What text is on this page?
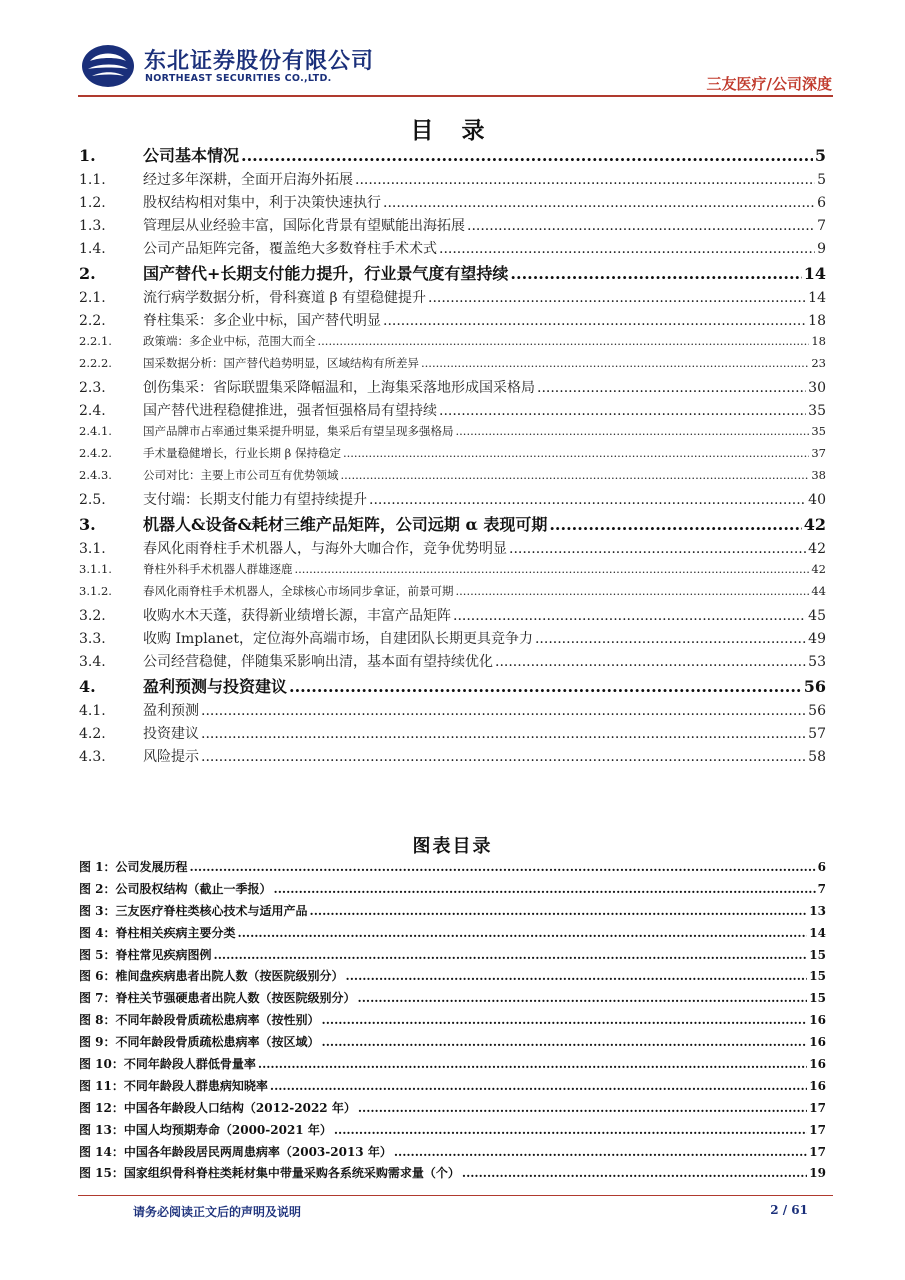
东北证券股份有限公司
NORTHEAST SECURITIES CO.,LTD.	三友医疗/公司深度
目 录
1.	公司基本情况 .....	5
1.1.	经过多年深耕，全面开启海外拓展 .....	5
1.2.	股权结构相对集中，利于决策快速执行 .....	6
1.3.	管理层从业经验丰富，国际化背景有望赋能出海拓展 .....	7
1.4.	公司产品矩阵完备，覆盖绝大多数脊柱手术术式 .....	9
2.	国产替代+长期支付能力提升，行业景气度有望持续 .....	14
2.1.	流行病学数据分析，骨科赛道 β 有望稳健提升 .....	14
2.2.	脊柱集采：多企业中标，国产替代明显 .....	18
2.2.1.	政策端：多企业中标，范围大而全 .....	18
2.2.2.	国采数据分析：国产替代趋势明显，区域结构有所差异 .....	23
2.3.	创伤集采：省际联盟集采降幅温和，上海集采落地形成国采格局 .....	30
2.4.	国产替代进程稳健推进，强者恒强格局有望持续 .....	35
2.4.1.	国产品牌市占率通过集采提升明显，集采后有望呈现多强格局 .....	35
2.4.2.	手术量稳健增长，行业长期 β 保持稳定 .....	37
2.4.3.	公司对比：主要上市公司互有优势领域 .....	38
2.5.	支付端：长期支付能力有望持续提升 .....	40
3.	机器人&设备&耗材三维产品矩阵，公司远期 α 表现可期 .....	42
3.1.	春风化雨脊柱手术机器人，与海外大咖合作，竞争优势明显 .....	42
3.1.1.	脊柱外科手术机器人群雄逐鹿 .....	42
3.1.2.	春风化雨脊柱手术机器人，全球核心市场同步拿证，前景可期 .....	44
3.2.	收购水木天蓬，获得新业绩增长源，丰富产品矩阵 .....	45
3.3.	收购 Implanet，定位海外高端市场，自建团队长期更具竞争力 .....	49
3.4.	公司经营稳健，伴随集采影响出清，基本面有望持续优化 .....	53
4.	盈利预测与投资建议 .....	56
4.1.	盈利预测 .....	56
4.2.	投资建议 .....	57
4.3.	风险提示 .....	58
图表目录
图 1：公司发展历程 .....	6
图 2：公司股权结构（截止一季报） .....	7
图 3：三友医疗脊柱类核心技术与适用产品 .....	13
图 4：脊柱相关疾病主要分类 .....	14
图 5：脊柱常见疾病图例 .....	15
图 6：椎间盘疾病患者出院人数（按医院级别分） .....	15
图 7：脊柱关节强硬患者出院人数（按医院级别分） .....	15
图 8：不同年龄段骨质疏松患病率（按性别） .....	16
图 9：不同年龄段骨质疏松患病率（按区域） .....	16
图 10：不同年龄段人群低骨量率 .....	16
图 11：不同年龄段人群患病知晓率 .....	16
图 12：中国各年龄段人口结构（2012-2022 年） .....	17
图 13：中国人均预期寿命（2000-2021 年） .....	17
图 14：中国各年龄段居民两周患病率（2003-2013 年） .....	17
图 15：国家组织骨科脊柱类耗材集中带量采购各系统采购需求量（个） .....	19
请务必阅读正文后的声明及说明	2 / 61
